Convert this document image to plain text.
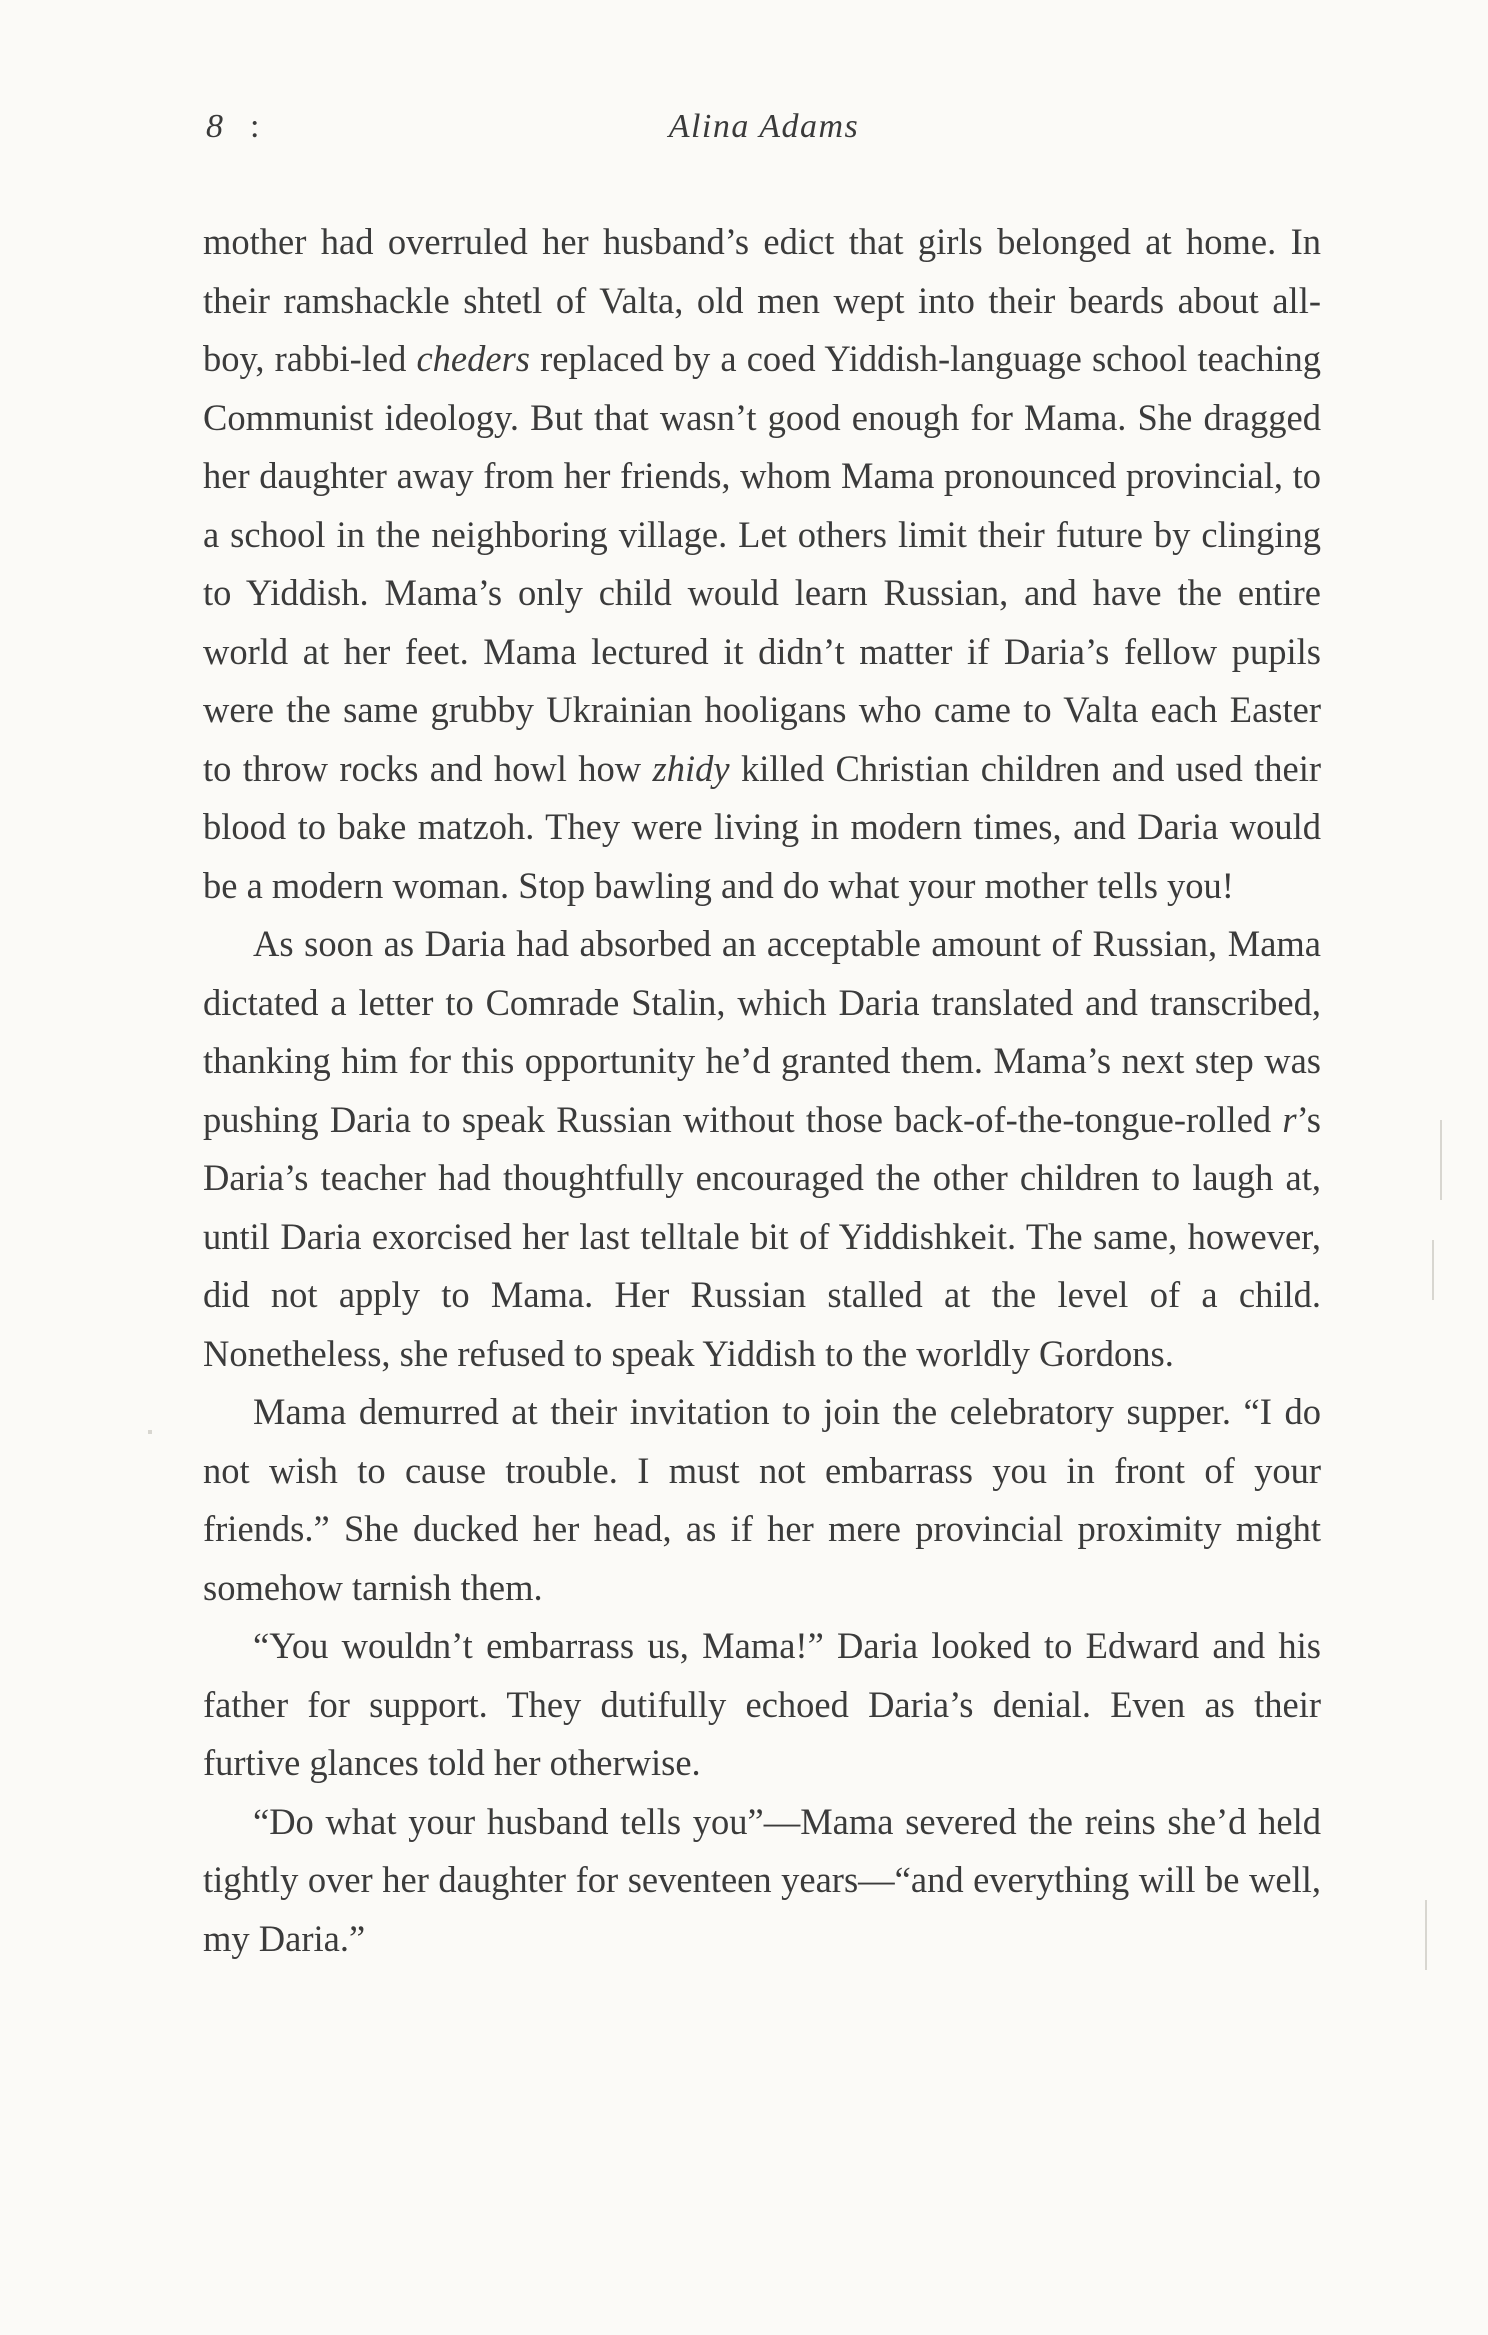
8 :	Alina Adams

mother had overruled her husband’s edict that girls belonged at home. In their ramshackle shtetl of Valta, old men wept into their beards about all-boy, rabbi-led cheders replaced by a coed Yiddish-language school teaching Communist ideology. But that wasn’t good enough for Mama. She dragged her daughter away from her friends, whom Mama pronounced provincial, to a school in the neighboring village. Let others limit their future by clinging to Yiddish. Mama’s only child would learn Russian, and have the entire world at her feet. Mama lectured it didn’t matter if Daria’s fellow pupils were the same grubby Ukrainian hooligans who came to Valta each Easter to throw rocks and howl how zhidy killed Christian children and used their blood to bake matzoh. They were living in modern times, and Daria would be a modern woman. Stop bawling and do what your mother tells you!

As soon as Daria had absorbed an acceptable amount of Russian, Mama dictated a letter to Comrade Stalin, which Daria translated and transcribed, thanking him for this opportunity he’d granted them. Mama’s next step was pushing Daria to speak Russian without those back-of-the-tongue-rolled r’s Daria’s teacher had thoughtfully encouraged the other children to laugh at, until Daria exorcised her last telltale bit of Yiddishkeit. The same, however, did not apply to Mama. Her Russian stalled at the level of a child. Nonetheless, she refused to speak Yiddish to the worldly Gordons.

Mama demurred at their invitation to join the celebratory supper. “I do not wish to cause trouble. I must not embarrass you in front of your friends.” She ducked her head, as if her mere provincial proximity might somehow tarnish them.

“You wouldn’t embarrass us, Mama!” Daria looked to Edward and his father for support. They dutifully echoed Daria’s denial. Even as their furtive glances told her otherwise.

“Do what your husband tells you”—Mama severed the reins she’d held tightly over her daughter for seventeen years—“and everything will be well, my Daria.”
